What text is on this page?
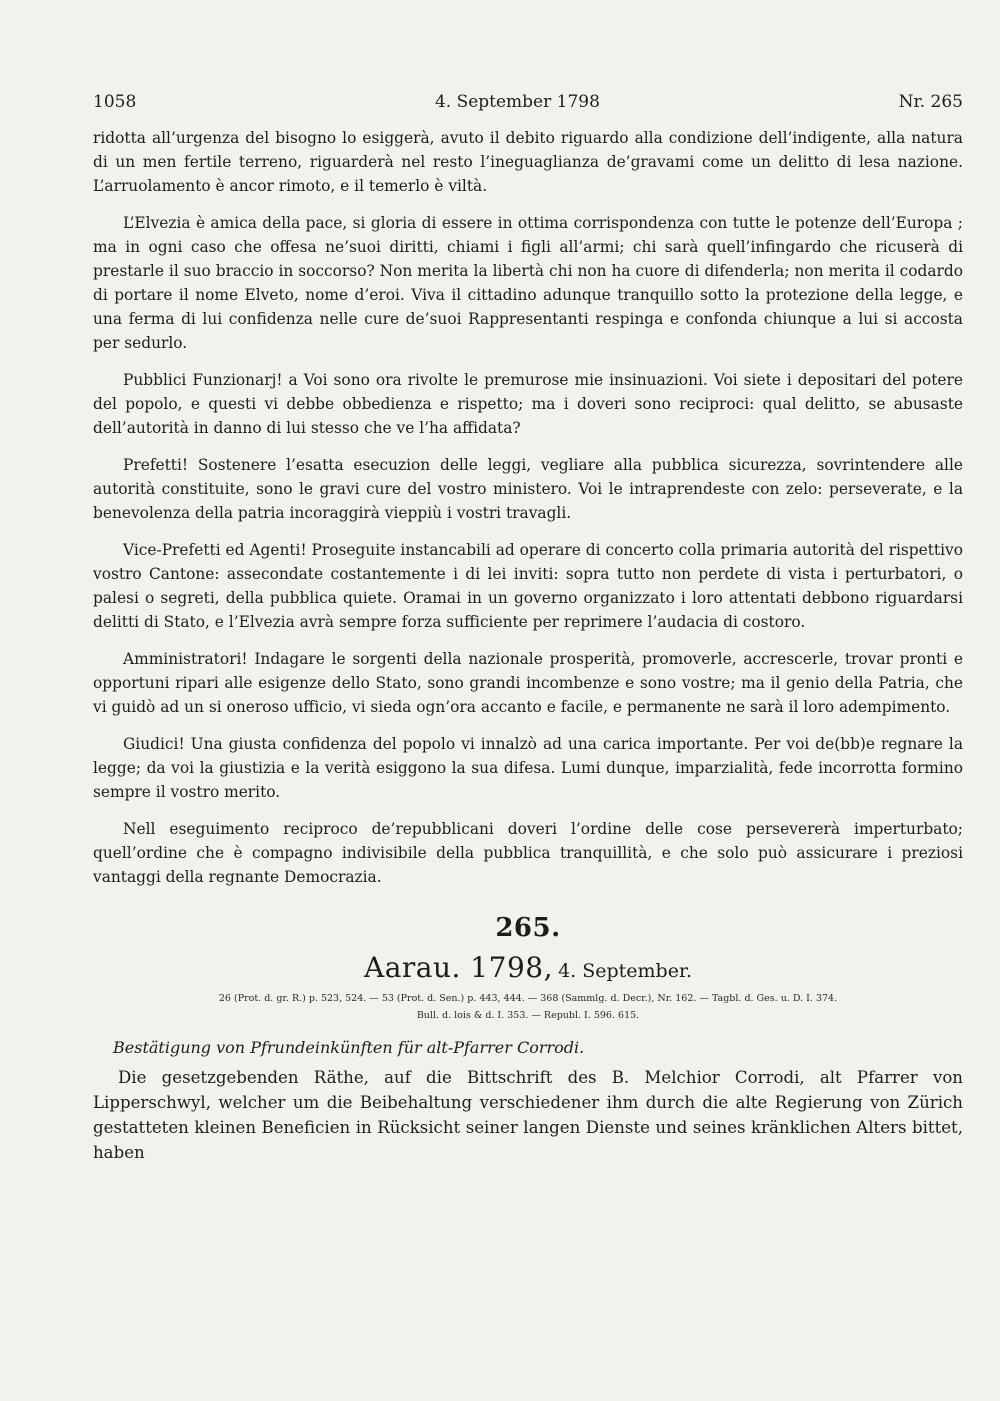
1058	4. September 1798	Nr. 265

ridotta all’urgenza del bisogno lo esiggerà, avuto il debito riguardo alla condizione dell’indigente, alla natura di un men fertile terreno, riguarderà nel resto l’ineguaglianza de’gravami come un delitto di lesa nazione. L’arruolamento è ancor rimoto, e il temerlo è viltà.

L’Elvezia è amica della pace, si gloria di essere in ottima corrispondenza con tutte le potenze dell’Europa ; ma in ogni caso che offesa ne’suoi diritti, chiami i figli all’armi; chi sarà quell’infingardo che ricuserà di prestarle il suo braccio in soccorso? Non merita la libertà chi non ha cuore di difenderla; non merita il codardo di portare il nome Elveto, nome d’eroi. Viva il cittadino adunque tranquillo sotto la protezione della legge, e una ferma di lui confidenza nelle cure de’suoi Rappresentanti respinga e confonda chiunque a lui si accosta per sedurlo.

Pubblici Funzionarj! a Voi sono ora rivolte le premurose mie insinuazioni. Voi siete i depositari del potere del popolo, e questi vi debbe obbedienza e rispetto; ma i doveri sono reciproci: qual delitto, se abusaste dell’autorità in danno di lui stesso che ve l’ha affidata?

Prefetti! Sostenere l’esatta esecuzion delle leggi, vegliare alla pubblica sicurezza, sovrintendere alle autorità constituite, sono le gravi cure del vostro ministero. Voi le intraprendeste con zelo: perseverate, e la benevolenza della patria incoraggirà vieppiù i vostri travagli.

Vice-Prefetti ed Agenti! Proseguite instancabili ad operare di concerto colla primaria autorità del rispettivo vostro Cantone: assecondate costantemente i di lei inviti: sopra tutto non perdete di vista i perturbatori, o palesi o segreti, della pubblica quiete. Oramai in un governo organizzato i loro attentati debbono riguardarsi delitti di Stato, e l’Elvezia avrà sempre forza sufficiente per reprimere l’audacia di costoro.

Amministratori! Indagare le sorgenti della nazionale prosperità, promoverle, accrescerle, trovar pronti e opportuni ripari alle esigenze dello Stato, sono grandi incombenze e sono vostre; ma il genio della Patria, che vi guidò ad un si oneroso ufficio, vi sieda ogn’ora accanto e facile, e permanente ne sarà il loro adempimento.

Giudici! Una giusta confidenza del popolo vi innalzò ad una carica importante. Per voi de(bb)e regnare la legge; da voi la giustizia e la verità esiggono la sua difesa. Lumi dunque, imparzialità, fede incorrotta formino sempre il vostro merito.

Nell eseguimento reciproco de’repubblicani doveri l’ordine delle cose persevererà imperturbato; quell’ordine che è compagno indivisibile della pubblica tranquillità, e che solo può assicurare i preziosi vantaggi della regnante Democrazia.

265.
Aarau. 1798, 4. September.
26 (Prot. d. gr. R.) p. 523, 524. — 53 (Prot. d. Sen.) p. 443, 444. — 368 (Sammlg. d. Decr.), Nr. 162. — Tagbl. d. Ges. u. D. I. 374.
Bull. d. lois & d. I. 353. — Republ. I. 596. 615.
Bestätigung von Pfrundeinkünften für alt-Pfarrer Corrodi.

Die gesetzgebenden Räthe, auf die Bittschrift des B. Melchior Corrodi, alt Pfarrer von Lipperschwyl, welcher um die Beibehaltung verschiedener ihm durch die alte Regierung von Zürich gestatteten kleinen Beneficien in Rücksicht seiner langen Dienste und seines kränklichen Alters bittet, haben
